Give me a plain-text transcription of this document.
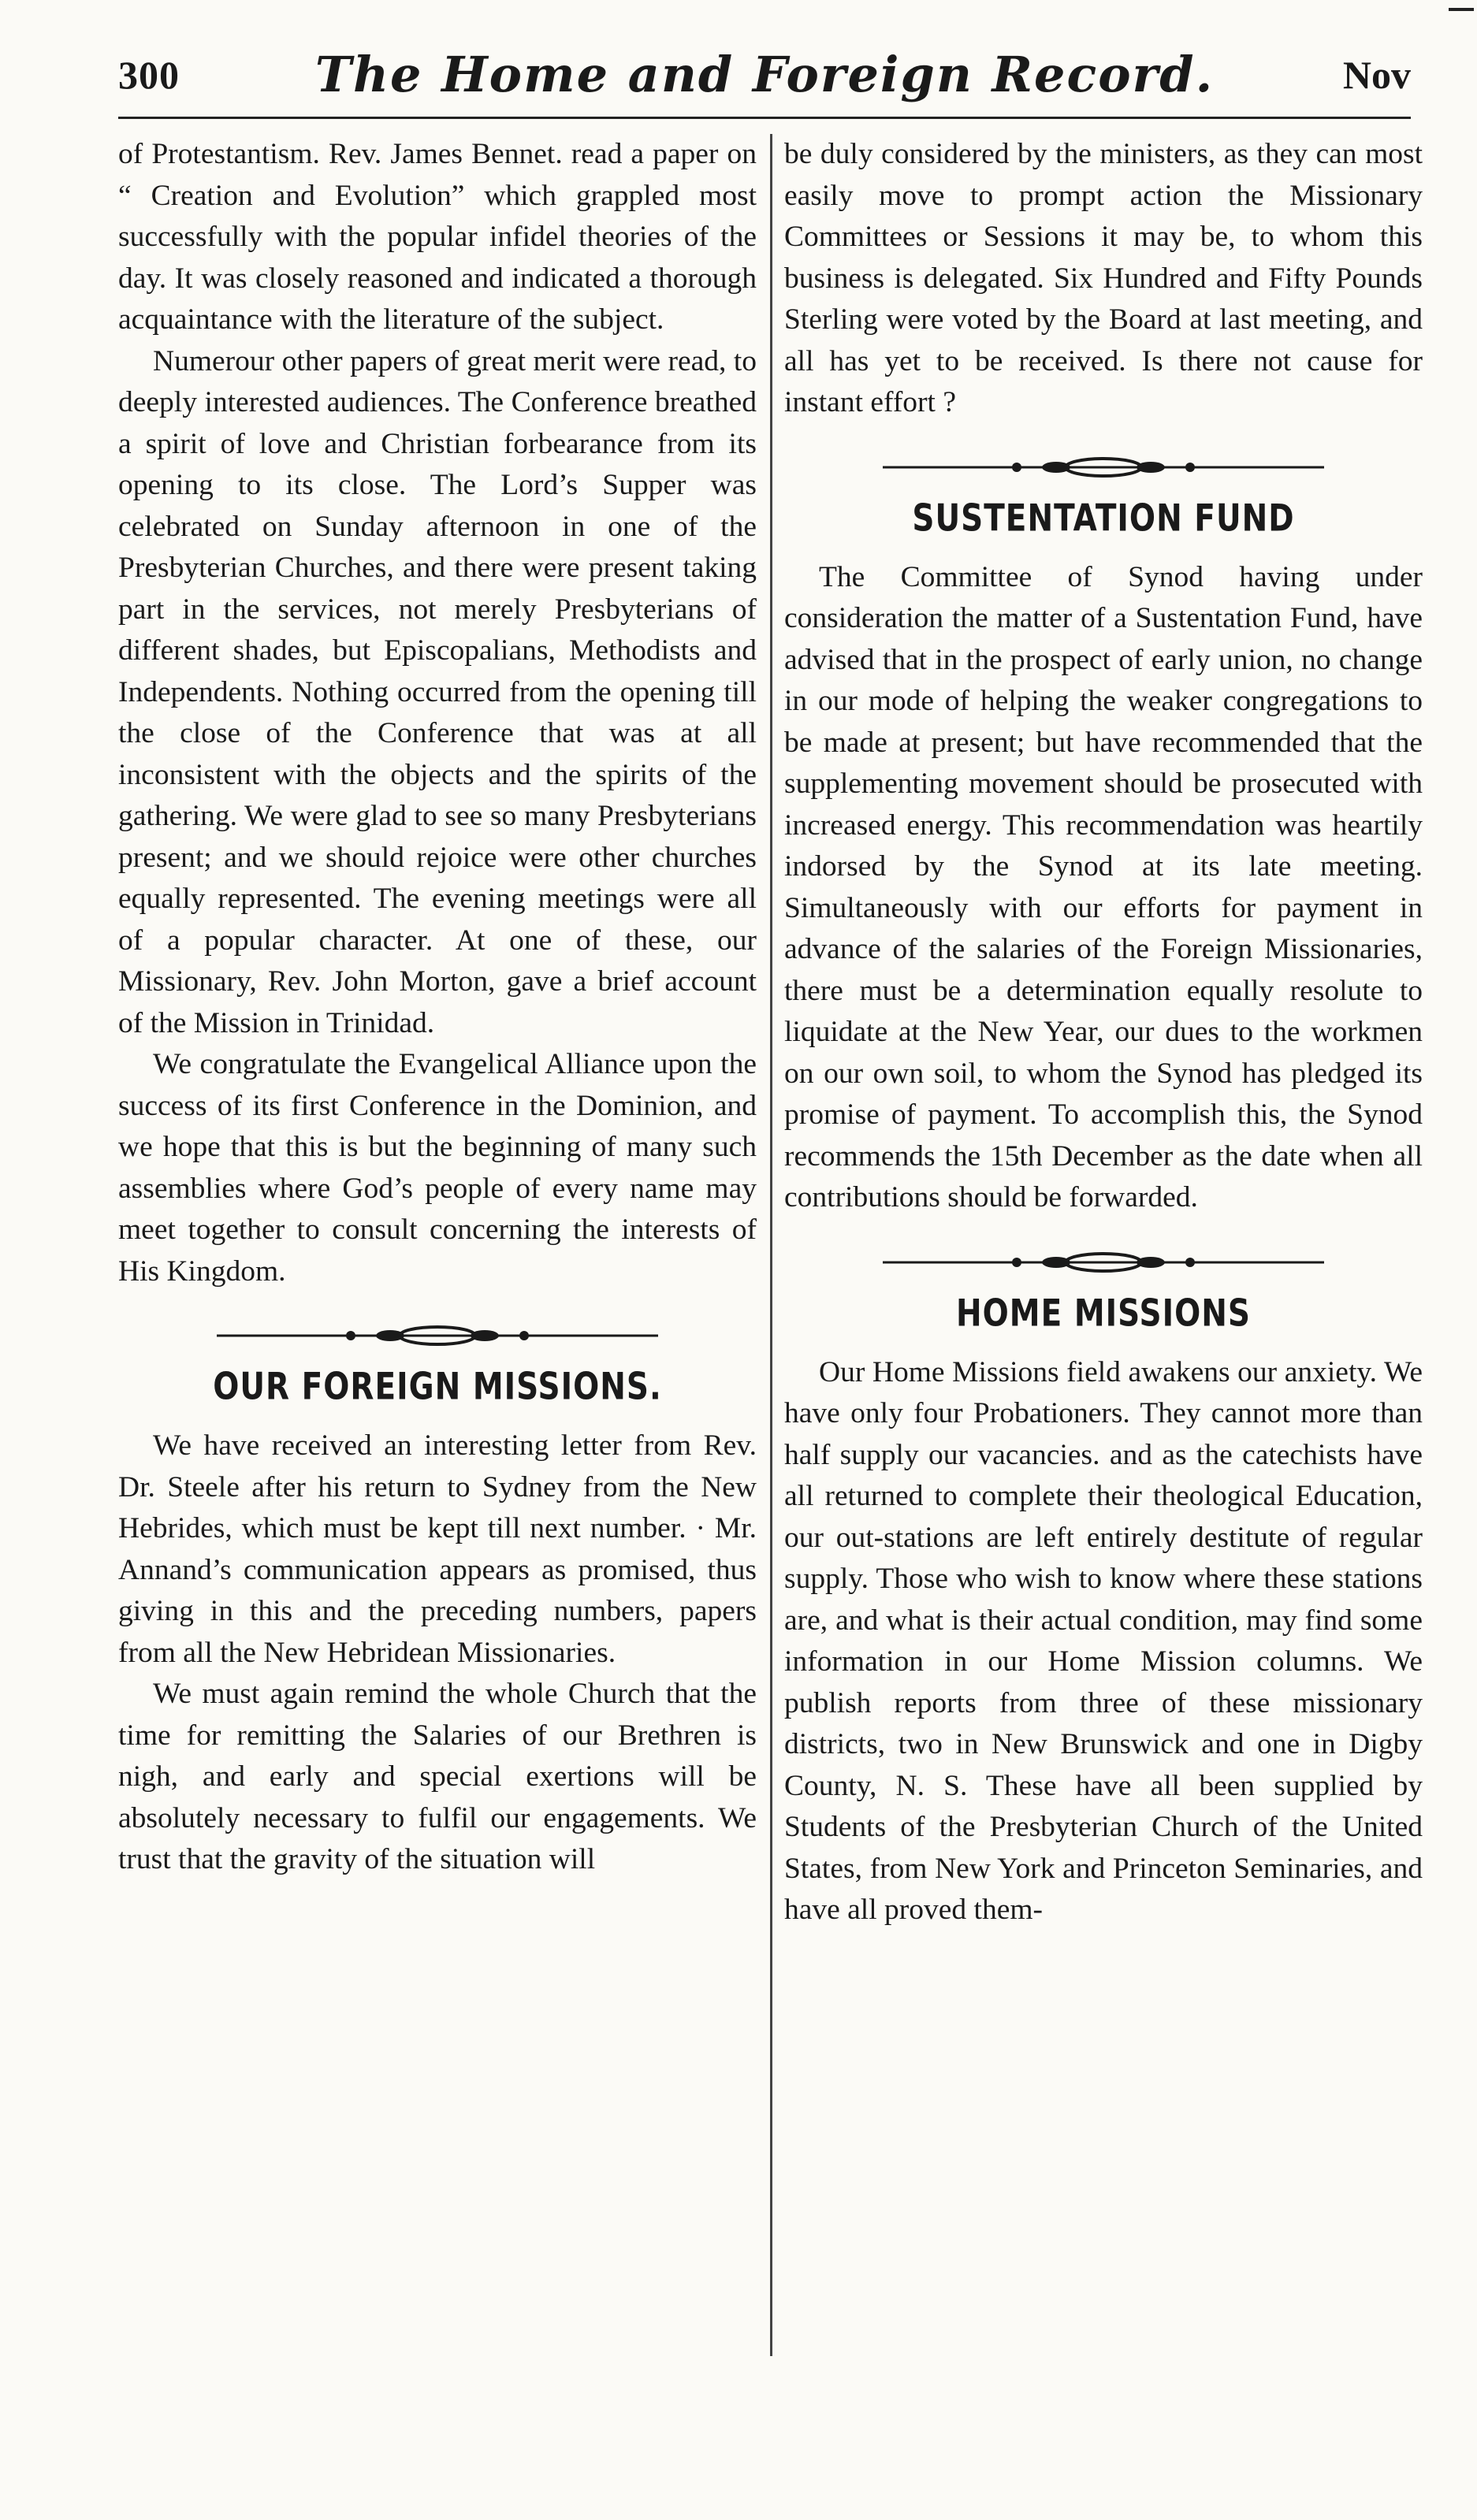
300	The Home and Foreign Record.	Nov

of Protestantism. Rev. James Bennet. read a paper on “ Creation and Evolution” which grappled most successfully with the popular infidel theories of the day. It was closely reasoned and indicated a thorough acquaintance with the literature of the subject.

Numerour other papers of great merit were read, to deeply interested audiences. The Conference breathed a spirit of love and Christian forbearance from its opening to its close. The Lord’s Supper was celebrated on Sunday afternoon in one of the Presbyterian Churches, and there were present taking part in the services, not merely Presbyterians of different shades, but Episcopalians, Methodists and Independents. Nothing occurred from the opening till the close of the Conference that was at all inconsistent with the objects and the spirits of the gathering. We were glad to see so many Presbyterians present; and we should rejoice were other churches equally represented. The evening meetings were all of a popular character. At one of these, our Missionary, Rev. John Morton, gave a brief account of the Mission in Trinidad.

We congratulate the Evangelical Alliance upon the success of its first Conference in the Dominion, and we hope that this is but the beginning of many such assemblies where God’s people of every name may meet together to consult concerning the interests of His Kingdom.

OUR FOREIGN MISSIONS.

We have received an interesting letter from Rev. Dr. Steele after his return to Sydney from the New Hebrides, which must be kept till next number. · Mr. Annand’s communication appears as promised, thus giving in this and the preceding numbers, papers from all the New Hebridean Missionaries.

We must again remind the whole Church that the time for remitting the Salaries of our Brethren is nigh, and early and special exertions will be absolutely necessary to fulfil our engagements. We trust that the gravity of the situation will

be duly considered by the ministers, as they can most easily move to prompt action the Missionary Committees or Sessions it may be, to whom this business is delegated. Six Hundred and Fifty Pounds Sterling were voted by the Board at last meeting, and all has yet to be received. Is there not cause for instant effort ?

SUSTENTATION FUND

The Committee of Synod having under consideration the matter of a Sustentation Fund, have advised that in the prospect of early union, no change in our mode of helping the weaker congregations to be made at present; but have recommended that the supplementing movement should be prosecuted with increased energy. This recommendation was heartily indorsed by the Synod at its late meeting. Simultaneously with our efforts for payment in advance of the salaries of the Foreign Missionaries, there must be a determination equally resolute to liquidate at the New Year, our dues to the workmen on our own soil, to whom the Synod has pledged its promise of payment. To accomplish this, the Synod recommends the 15th December as the date when all contributions should be forwarded.

HOME MISSIONS

Our Home Missions field awakens our anxiety. We have only four Probationers. They cannot more than half supply our vacancies. and as the catechists have all returned to complete their theological Education, our out-stations are left entirely destitute of regular supply. Those who wish to know where these stations are, and what is their actual condition, may find some information in our Home Mission columns. We publish reports from three of these missionary districts, two in New Brunswick and one in Digby County, N. S. These have all been supplied by Students of the Presbyterian Church of the United States, from New York and Princeton Seminaries, and have all proved them-
